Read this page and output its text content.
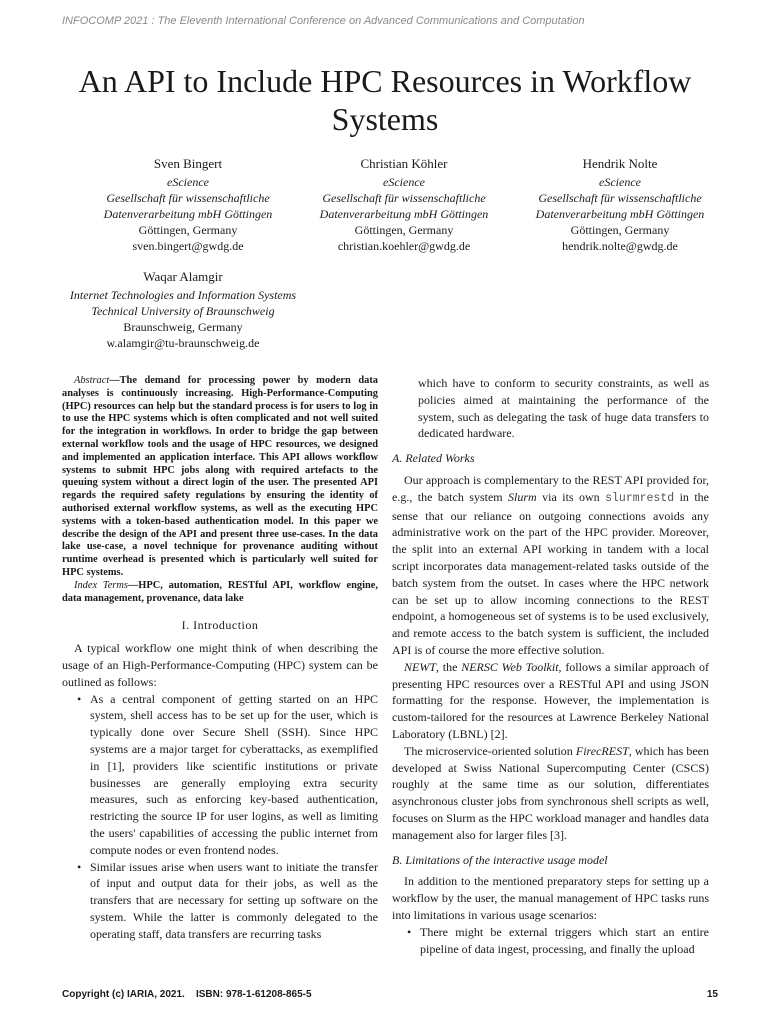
INFOCOMP 2021 : The Eleventh International Conference on Advanced Communications and Computation
An API to Include HPC Resources in Workflow Systems
Sven Bingert
eScience
Gesellschaft für wissenschaftliche
Datenverarbeitung mbH Göttingen
Göttingen, Germany
sven.bingert@gwdg.de
Christian Köhler
eScience
Gesellschaft für wissenschaftliche
Datenverarbeitung mbH Göttingen
Göttingen, Germany
christian.koehler@gwdg.de
Hendrik Nolte
eScience
Gesellschaft für wissenschaftliche
Datenverarbeitung mbH Göttingen
Göttingen, Germany
hendrik.nolte@gwdg.de
Waqar Alamgir
Internet Technologies and Information Systems
Technical University of Braunschweig
Braunschweig, Germany
w.alamgir@tu-braunschweig.de

Abstract—The demand for processing power by modern data analyses is continuously increasing. High-Performance-Computing (HPC) resources can help but the standard process is for users to log in to use the HPC systems which is often complicated and not well suited for the integration in workflows. In order to bridge the gap between external workflow tools and the usage of HPC resources, we designed and implemented an application interface. This API allows workflow systems to submit HPC jobs along with required artefacts to the queuing system without a direct login of the user. The presented API regards the required safety regulations by ensuring the identity of authorised external workflow systems, as well as the executing HPC systems with a token-based authentication model. In this paper we describe the design of the API and present three use-cases. In the data lake use-case, a novel technique for provenance auditing without runtime overhead is presented which is particularly well suited for HPC systems.

Index Terms—HPC, automation, RESTful API, workflow engine, data management, provenance, data lake

I. Introduction

A typical workflow one might think of when describing the usage of an High-Performance-Computing (HPC) system can be outlined as follows:

• As a central component of getting started on an HPC system, shell access has to be set up for the user, which is typically done over Secure Shell (SSH). Since HPC systems are a major target for cyberattacks, as exemplified in [1], providers like scientific institutions or private businesses are generally employing extra security measures, such as enforcing key-based authentication, restricting the source IP for user logins, as well as limiting the users' capabilities of accessing the public internet from compute nodes or even frontend nodes.
• Similar issues arise when users want to initiate the transfer of input and output data for their jobs, as well as the transfers that are necessary for setting up software on the system. While the latter is commonly delegated to the operating staff, data transfers are recurring tasks

which have to conform to security constraints, as well as policies aimed at maintaining the performance of the system, such as delegating the task of huge data transfers to dedicated hardware.

A. Related Works

Our approach is complementary to the REST API provided for, e.g., the batch system Slurm via its own slurmrestd in the sense that our reliance on outgoing connections avoids any administrative work on the part of the HPC provider. Moreover, the split into an external API working in tandem with a local script incorporates data management-related tasks outside of the batch system from the outset. In cases where the HPC network can be set up to allow incoming connections to the REST endpoint, a homogeneous set of systems is to be used exclusively, and remote access to the batch system is sufficient, the included API is of course the more effective solution.

NEWT, the NERSC Web Toolkit, follows a similar approach of presenting HPC resources over a RESTful API and using JSON formatting for the response. However, the implementation is custom-tailored for the resources at Lawrence Berkeley National Laboratory (LBNL) [2].

The microservice-oriented solution FirecREST, which has been developed at Swiss National Supercomputing Center (CSCS) roughly at the same time as our solution, differentiates asynchronous cluster jobs from synchronous shell scripts as well, focuses on Slurm as the HPC workload manager and handles data management also for larger files [3].

B. Limitations of the interactive usage model

In addition to the mentioned preparatory steps for setting up a workflow by the user, the manual management of HPC tasks runs into limitations in various usage scenarios:

• There might be external triggers which start an entire pipeline of data ingest, processing, and finally the upload
Copyright (c) IARIA, 2021. ISBN: 978-1-61208-865-5	15
